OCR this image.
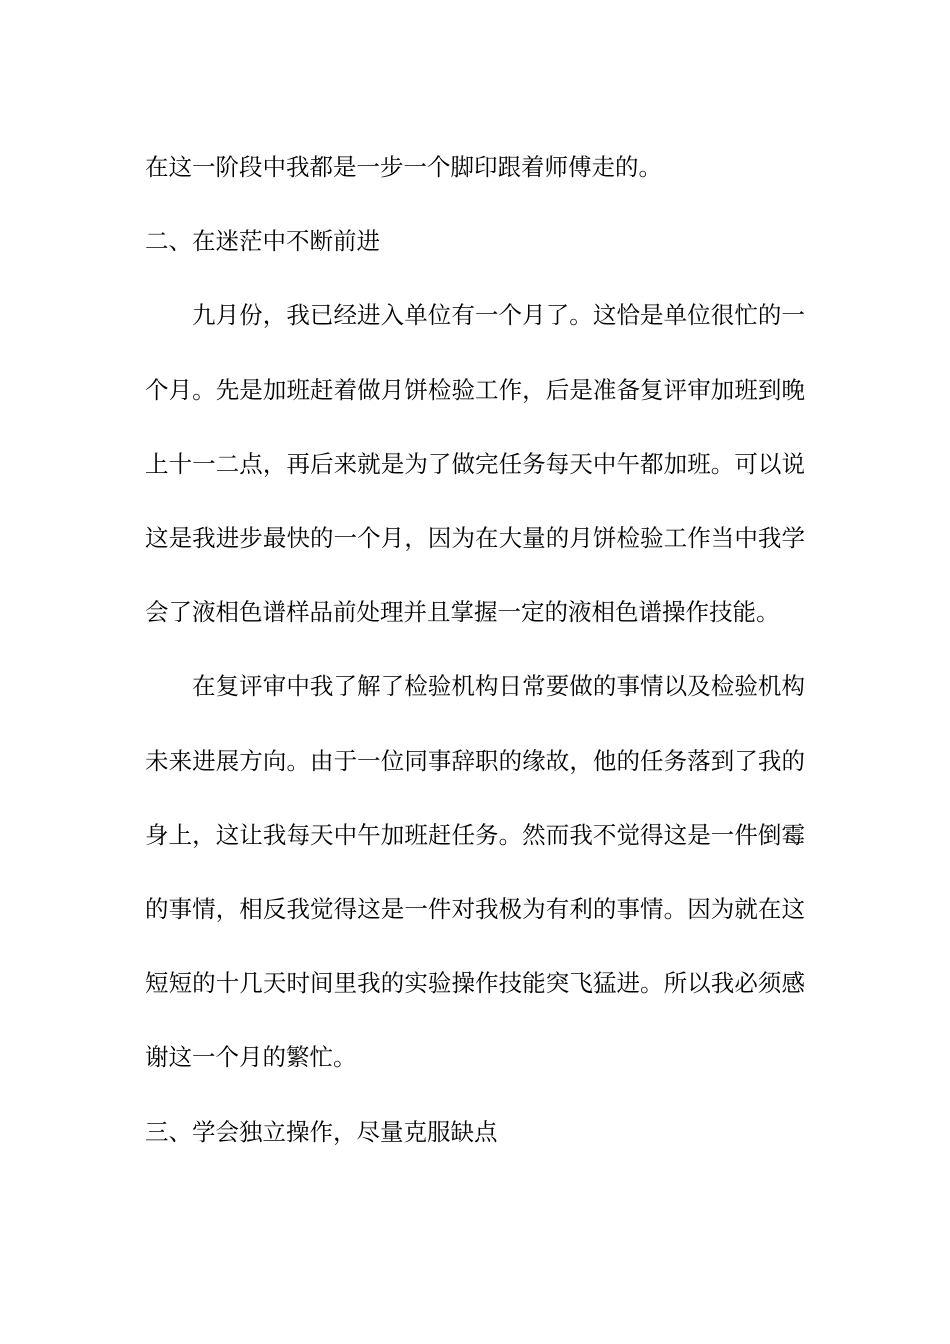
在这一阶段中我都是一步一个脚印跟着师傅走的。

二、在迷茫中不断前进

九月份，我已经进入单位有一个月了。这恰是单位很忙的一个月。先是加班赶着做月饼检验工作，后是准备复评审加班到晚上十一二点，再后来就是为了做完任务每天中午都加班。可以说这是我进步最快的一个月，因为在大量的月饼检验工作当中我学会了液相色谱样品前处理并且掌握一定的液相色谱操作技能。

在复评审中我了解了检验机构日常要做的事情以及检验机构未来进展方向。由于一位同事辞职的缘故，他的任务落到了我的身上，这让我每天中午加班赶任务。然而我不觉得这是一件倒霉的事情，相反我觉得这是一件对我极为有利的事情。因为就在这短短的十几天时间里我的实验操作技能突飞猛进。所以我必须感谢这一个月的繁忙。

三、学会独立操作，尽量克服缺点
